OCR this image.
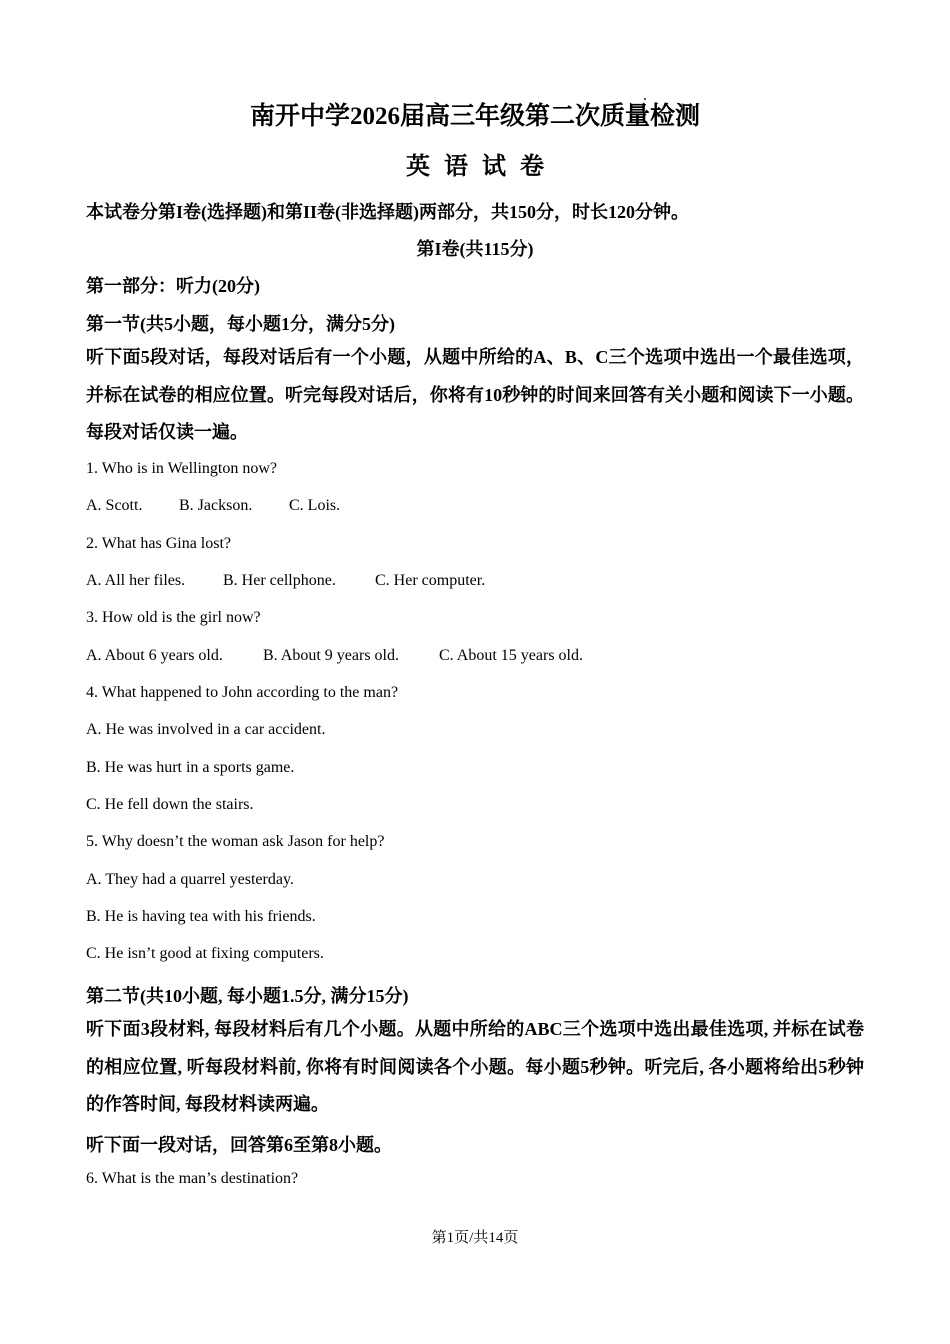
南开中学2026届高三年级第二次质量检测
英语试卷
本试卷分第I卷(选择题)和第II卷(非选择题)两部分，共150分，时长120分钟。
第I卷(共115分)
第一部分：听力(20分)
第一节(共5小题，每小题1分，满分5分)
听下面5段对话，每段对话后有一个小题，从题中所给的A、B、C三个选项中选出一个最佳选项，并标在试卷的相应位置。听完每段对话后，你将有10秒钟的时间来回答有关小题和阅读下一小题。每段对话仅读一遍。
1. Who is in Wellington now?
A. Scott. B. Jackson. C. Lois.
2. What has Gina lost?
A. All her files. B. Her cellphone. C. Her computer.
3. How old is the girl now?
A. About 6 years old.	B. About 9 years old.	C. About 15 years old.
4. What happened to John according to the man?
A. He was involved in a car accident.
B. He was hurt in a sports game.
C. He fell down the stairs.
5. Why doesn’t the woman ask Jason for help?
A. They had a quarrel yesterday.
B. He is having tea with his friends.
C. He isn’t good at fixing computers.
第二节(共10小题, 每小题1.5分, 满分15分)
听下面3段材料, 每段材料后有几个小题。从题中所给的ABC三个选项中选出最佳选项, 并标在试卷的相应位置, 听每段材料前, 你将有时间阅读各个小题。每小题5秒钟。听完后, 各小题将给出5秒钟的作答时间, 每段材料读两遍。
听下面一段对话，回答第6至第8小题。
6. What is the man’s destination?
第1页/共14页
